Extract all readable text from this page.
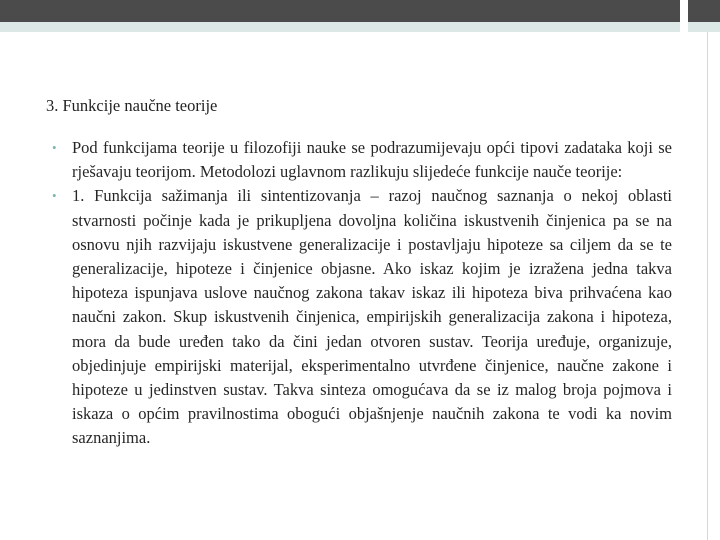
3. Funkcije naučne teorije
• Pod funkcijama teorije u filozofiji nauke se podrazumijevaju opći tipovi zadataka koji se rješavaju teorijom. Metodolozi uglavnom razlikuju slijedeće funkcije nauče teorije:
• 1. Funkcija sažimanja ili sintentizovanja – razoj naučnog saznanja o nekoj oblasti stvarnosti počinje kada je prikupljena dovoljna količina iskustvenih činjenica pa se na osnovu njih razvijaju iskustvene generalizacije i postavljaju hipoteze sa ciljem da se te generalizacije, hipoteze i činjenice objasne. Ako iskaz kojim je izražena jedna takva hipoteza ispunjava uslove naučnog zakona takav iskaz ili hipoteza biva prihvaćena kao naučni zakon. Skup iskustvenih činjenica, empirijskih generalizacija zakona i hipoteza, mora da bude uređen tako da čini jedan otvoren sustav. Teorija uređuje, organizuje, objedinjuje empirijski materijal, eksperimentalno utvrđene činjenice, naučne zakone i hipoteze u jedinstven sustav. Takva sinteza omogućava da se iz malog broja pojmova i iskaza o općim pravilnostima obogući objašnjenje naučnih zakona te vodi ka novim saznanjima.
